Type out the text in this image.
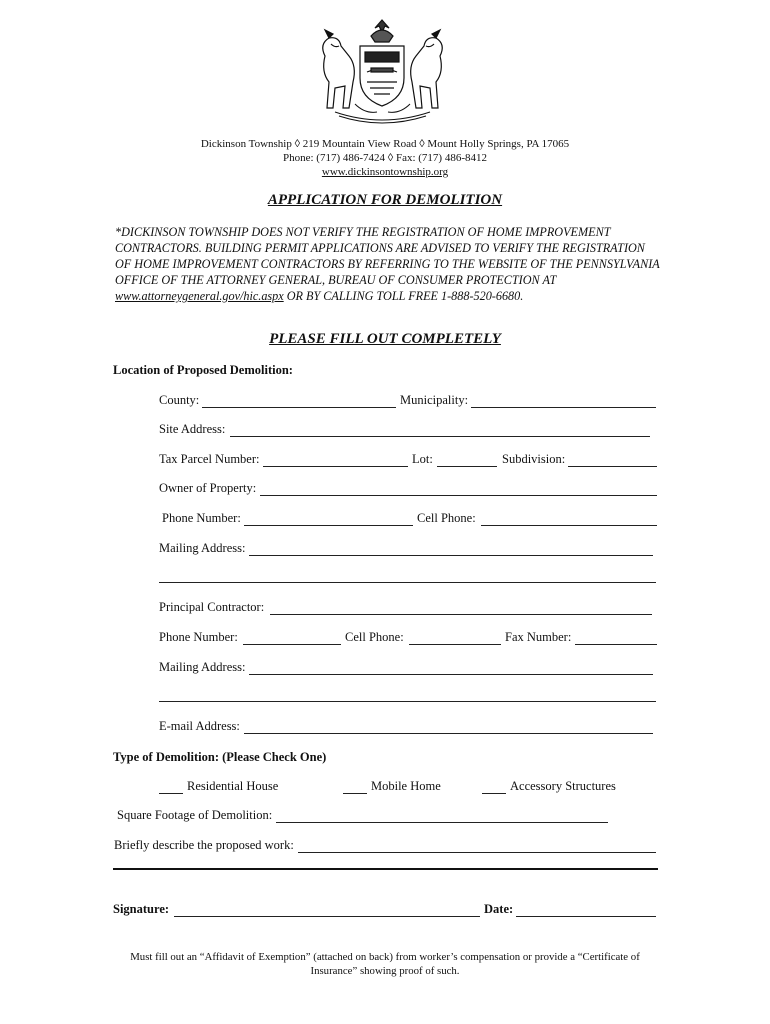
Dickinson Township ◊ 219 Mountain View Road ◊ Mount Holly Springs, PA 17065
Phone: (717) 486-7424 ◊ Fax: (717) 486-8412
www.dickinsontownship.org
APPLICATION FOR DEMOLITION
*DICKINSON TOWNSHIP DOES NOT VERIFY THE REGISTRATION OF HOME IMPROVEMENT CONTRACTORS. BUILDING PERMIT APPLICATIONS ARE ADVISED TO VERIFY THE REGISTRATION OF HOME IMPROVEMENT CONTRACTORS BY REFERRING TO THE WEBSITE OF THE PENNSYLVANIA OFFICE OF THE ATTORNEY GENERAL, BUREAU OF CONSUMER PROTECTION AT www.attorneygeneral.gov/hic.aspx OR BY CALLING TOLL FREE 1-888-520-6680.
PLEASE FILL OUT COMPLETELY
Location of Proposed Demolition:
County:	Municipality:
Site Address:
Tax Parcel Number:	Lot:	Subdivision:
Owner of Property:
Phone Number:	Cell Phone:
Mailing Address:
Principal Contractor:
Phone Number:	Cell Phone:	Fax Number:
Mailing Address:
E-mail Address:
Type of Demolition: (Please Check One)
Residential House	Mobile Home	Accessory Structures
Square Footage of Demolition:
Briefly describe the proposed work:
Signature:	Date:
Must fill out an “Affidavit of Exemption” (attached on back) from worker’s compensation or provide a “Certificate of Insurance” showing proof of such.
